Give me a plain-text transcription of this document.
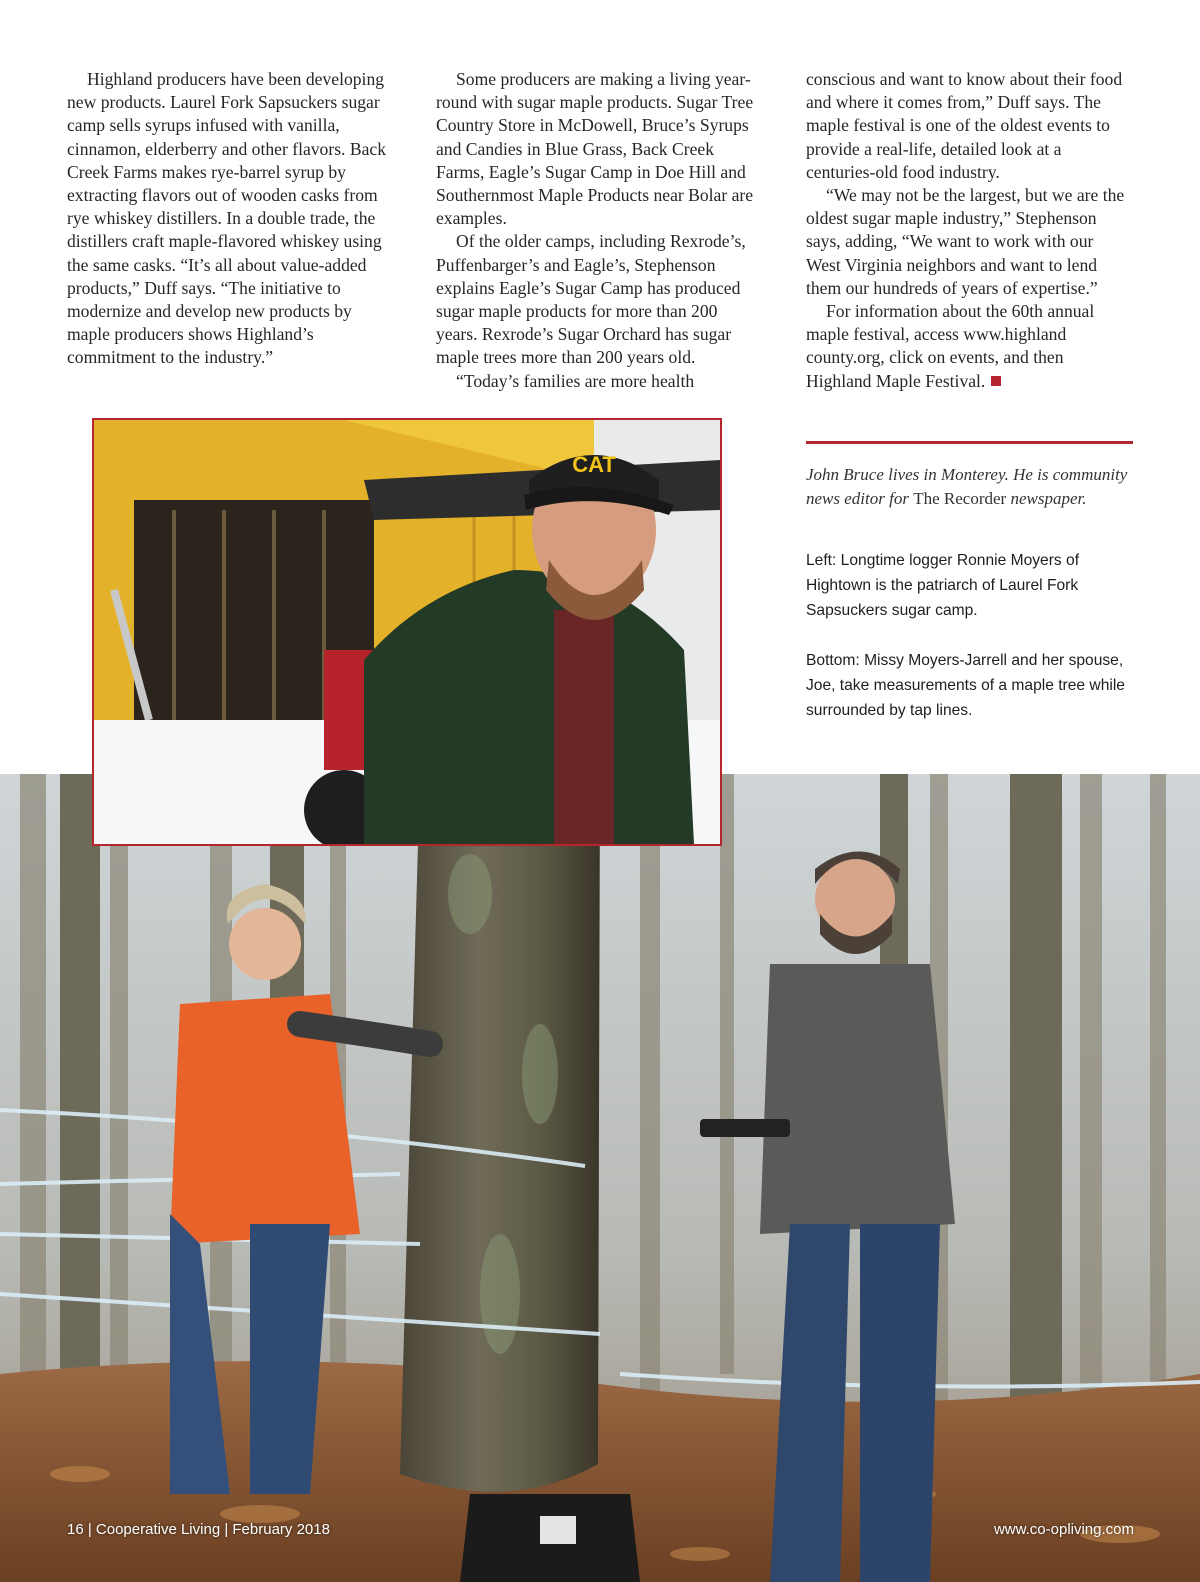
Highland producers have been developing new products. Laurel Fork Sapsuckers sugar camp sells syrups infused with vanilla, cinnamon, elderberry and other flavors. Back Creek Farms makes rye-barrel syrup by extracting flavors out of wooden casks from rye whiskey distillers. In a double trade, the distillers craft maple-flavored whiskey using the same casks. “It’s all about value-added products,” Duff says. “The initiative to modernize and develop new products by maple producers shows Highland’s commitment to the industry.”

Some producers are making a living year-round with sugar maple products. Sugar Tree Country Store in McDowell, Bruce’s Syrups and Candies in Blue Grass, Back Creek Farms, Eagle’s Sugar Camp in Doe Hill and Southernmost Maple Products near Bolar are examples.

Of the older camps, including Rexrode’s, Puffenbarger’s and Eagle’s, Stephenson explains Eagle’s Sugar Camp has produced sugar maple products for more than 200 years. Rexrode’s Sugar Orchard has sugar maple trees more than 200 years old.

“Today’s families are more health

conscious and want to know about their food and where it comes from,” Duff says. The maple festival is one of the oldest events to provide a real-life, detailed look at a centuries-old food industry.

“We may not be the largest, but we are the oldest sugar maple industry,” Stephenson says, adding, “We want to work with our West Virginia neighbors and want to lend them our hundreds of years of expertise.”

For information about the 60th annual maple festival, access www.highland county.org, click on events, and then Highland Maple Festival.

John Bruce lives in Monterey. He is community news editor for The Recorder newspaper.
Left: Longtime logger Ronnie Moyers of Hightown is the patriarch of Laurel Fork Sapsuckers sugar camp.
Bottom: Missy Moyers-Jarrell and her spouse, Joe, take measurements of a maple tree while surrounded by tap lines.
CAT
16 | Cooperative Living | February 2018	www.co-opliving.com
